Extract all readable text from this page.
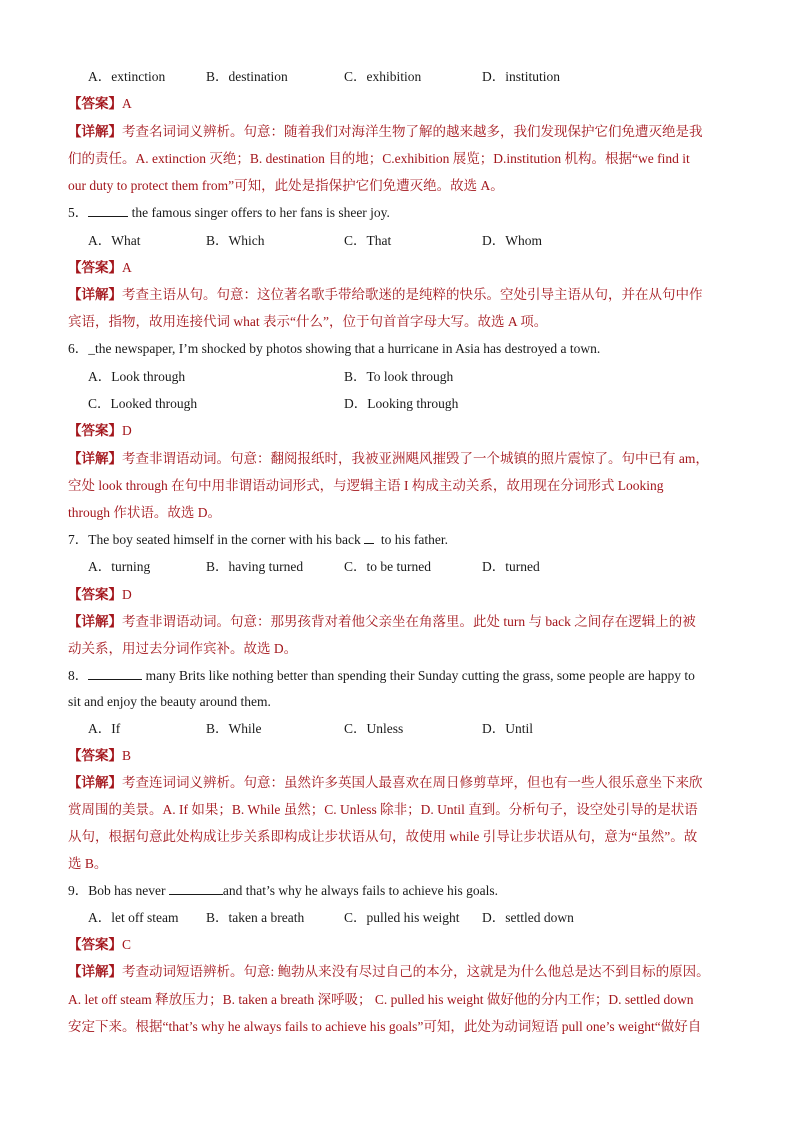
A．extinction	B．destination	C．exhibition	D．institution
【答案】A
【详解】考查名词词义辨析。句意：随着我们对海洋生物了解的越来越多，我们发现保护它们免遭灭绝是我
们的责任。A. extinction 灭绝；B. destination 目的地；C.exhibition 展览；D.institution 机构。根据“we find it
our duty to protect them from”可知，此处是指保护它们免遭灭绝。故选 A。
5．	the famous singer offers to her fans is sheer joy.
A．What	B．Which	C．That	D．Whom
【答案】A
【详解】考查主语从句。句意：这位著名歌手带给歌迷的是纯粹的快乐。空处引导主语从句，并在从句中作
宾语，指物，故用连接代词 what 表示“什么”，位于句首首字母大写。故选 A 项。
6．_the newspaper, I’m shocked by photos showing that a hurricane in Asia has destroyed a town.
A．Look through	B．To look through
C．Looked through	D．Looking through
【答案】D
【详解】考查非谓语动词。句意：翻阅报纸时，我被亚洲飓风摧毁了一个城镇的照片震惊了。句中已有 am，
空处 look through 在句中用非谓语动词形式，与逻辑主语 I 构成主动关系，故用现在分词形式 Looking
through 作状语。故选 D。
7．The boy seated himself in the corner with his back to his father.
A．turning	B．having turned	C．to be turned	D．turned
【答案】D
【详解】考查非谓语动词。句意：那男孩背对着他父亲坐在角落里。此处 turn 与 back 之间存在逻辑上的被
动关系，用过去分词作宾补。故选 D。
8．	many Brits like nothing better than spending their Sunday cutting the grass, some people are happy to
sit and enjoy the beauty around them.
A．If	B．While	C．Unless	D．Until
【答案】B
【详解】考查连词词义辨析。句意：虽然许多英国人最喜欢在周日修剪草坪，但也有一些人很乐意坐下来欣
赏周围的美景。A. If 如果；B. While 虽然；C. Unless 除非；D. Until 直到。分析句子，设空处引导的是状语
从句，根据句意此处构成让步关系即构成让步状语从句，故使用 while 引导让步状语从句，意为“虽然”。故
选 B。
9．Bob has never	and that’s why he always fails to achieve his goals.
A．let off steam B．taken a breath	C．pulled his weight D．settled down
【答案】C
【详解】考查动词短语辨析。句意: 鲍勃从来没有尽过自己的本分，这就是为什么他总是达不到目标的原因。
A. let off steam 释放压力；B. taken a breath 深呼吸； C. pulled his weight 做好他的分内工作；D. settled down
安定下来。根据“that’s why he always fails to achieve his goals”可知，此处为动词短语 pull one’s weight“做好自
